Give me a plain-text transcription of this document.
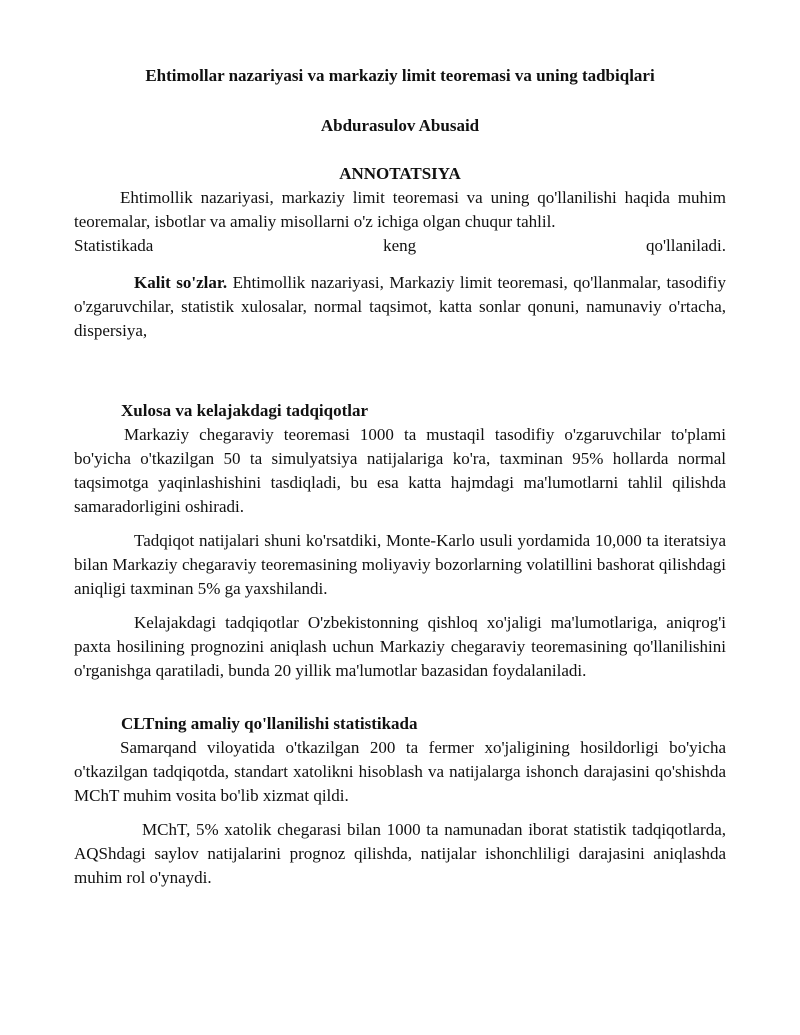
Ehtimollar nazariyasi va markaziy limit teoremasi va uning tadbiqlari

Abdurasulov Abusaid

ANNOTATSIYA

Ehtimollik nazariyasi, markaziy limit teoremasi va uning qo'llanilishi haqida muhim teoremalar, isbotlar va amaliy misollarni o'z ichiga olgan chuqur tahlil.

Statistikada keng qo'llaniladi.

Kalit so'zlar. Ehtimollik nazariyasi, Markaziy limit teoremasi, qo'llanmalar, tasodifiy o'zgaruvchilar, statistik xulosalar, normal taqsimot, katta sonlar qonuni, namunaviy o'rtacha, dispersiya,

Xulosa va kelajakdagi tadqiqotlar

Markaziy chegaraviy teoremasi 1000 ta mustaqil tasodifiy o'zgaruvchilar to'plami bo'yicha o'tkazilgan 50 ta simulyatsiya natijalariga ko'ra, taxminan 95% hollarda normal taqsimotga yaqinlashishini tasdiqladi, bu esa katta hajmdagi ma'lumotlarni tahlil qilishda samaradorligini oshiradi.

Tadqiqot natijalari shuni ko'rsatdiki, Monte-Karlo usuli yordamida 10,000 ta iteratsiya bilan Markaziy chegaraviy teoremasining moliyaviy bozorlarning volatillini bashorat qilishdagi aniqligi taxminan 5% ga yaxshilandi.

Kelajakdagi tadqiqotlar O'zbekistonning qishloq xo'jaligi ma'lumotlariga, aniqrog'i paxta hosilining prognozini aniqlash uchun Markaziy chegaraviy teoremasining qo'llanilishini o'rganishga qaratiladi, bunda 20 yillik ma'lumotlar bazasidan foydalaniladi.

CLTning amaliy qo'llanilishi statistikada

Samarqand viloyatida o'tkazilgan 200 ta fermer xo'jaligining hosildorligi bo'yicha o'tkazilgan tadqiqotda, standart xatolikni hisoblash va natijalarga ishonch darajasini qo'shishda MChT muhim vosita bo'lib xizmat qildi.

MChT, 5% xatolik chegarasi bilan 1000 ta namunadan iborat statistik tadqiqotlarda, AQShdagi saylov natijalarini prognoz qilishda, natijalar ishonchliligi darajasini aniqlashda muhim rol o'ynaydi.
